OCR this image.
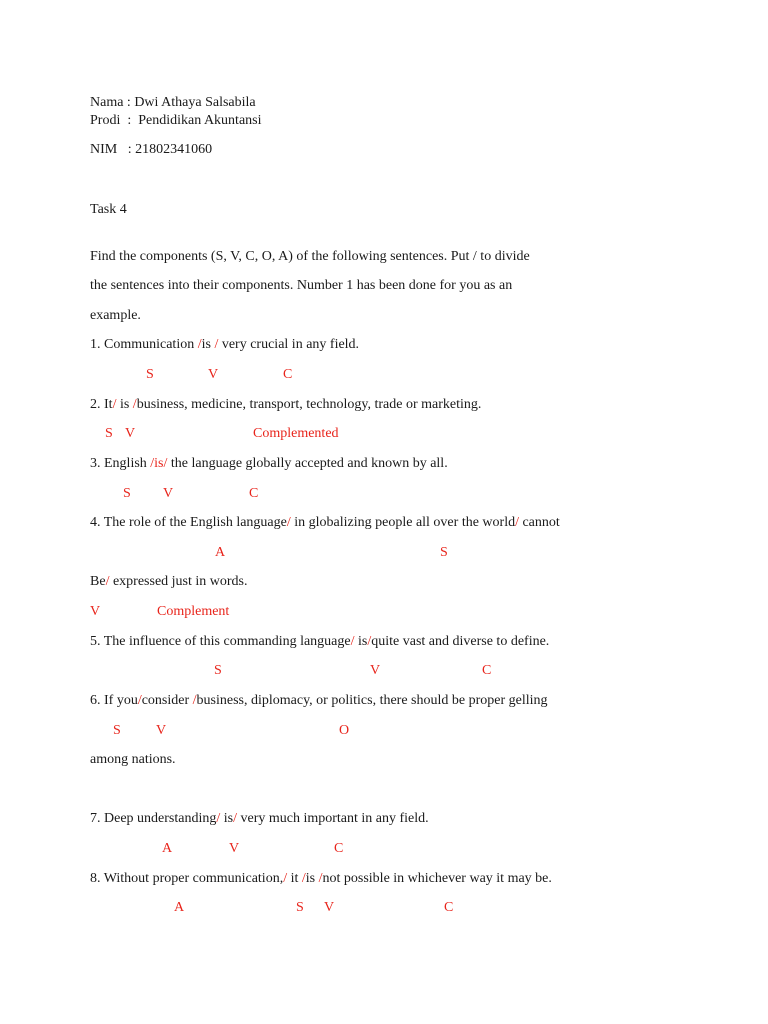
Nama : Dwi Athaya Salsabila
Prodi  :  Pendidikan Akuntansi
NIM   : 21802341060
Task 4
Find the components (S, V, C, O, A) of the following sentences. Put / to divide
the sentences into their components. Number 1 has been done for you as an
example.
1. Communication /is / very crucial in any field.
S	V	C
2. It/ is /business, medicine, transport, technology, trade or marketing.
S V	Complemented
3. English /is/ the language globally accepted and known by all.
S V	C
4. The role of the English language/ in globalizing people all over the world/ cannot
A	S
Be/ expressed just in words.
V	Complement
5. The influence of this commanding language/ is/quite vast and diverse to define.
S	V	C
6. If you/consider /business, diplomacy, or politics, there should be proper gelling
S	V	O
among nations.
7. Deep understanding/ is/ very much important in any field.
A	V	C
8. Without proper communication,/ it /is /not possible in whichever way it may be.
A	S V	C
